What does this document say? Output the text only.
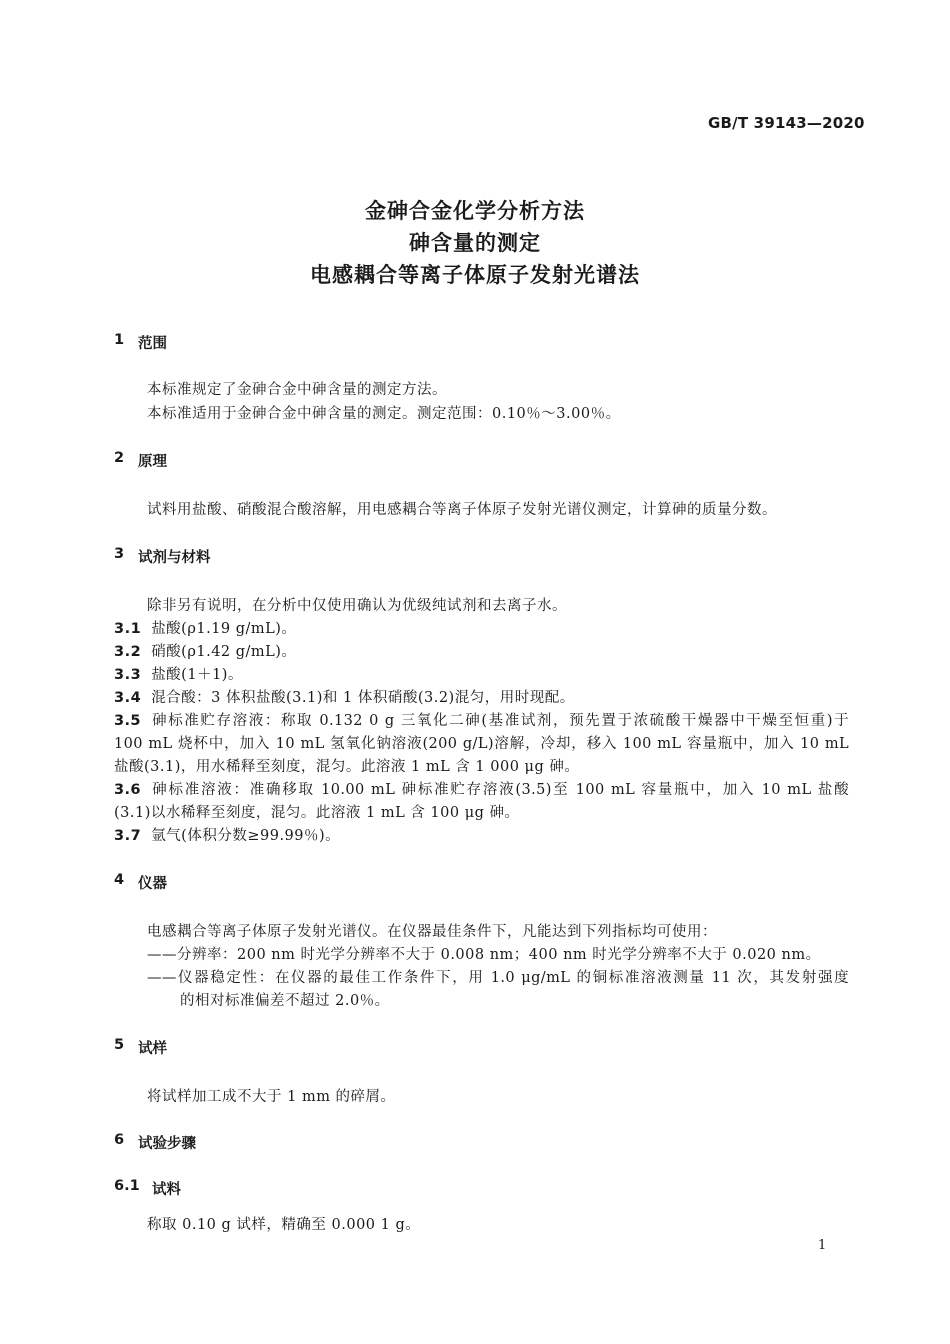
GB/T 39143—2020
金砷合金化学分析方法
砷含量的测定
电感耦合等离子体原子发射光谱法
1 范围
本标准规定了金砷合金中砷含量的测定方法。
本标准适用于金砷合金中砷含量的测定。测定范围：0.10％～3.00％。
2 原理
试料用盐酸、硝酸混合酸溶解，用电感耦合等离子体原子发射光谱仪测定，计算砷的质量分数。
3 试剂与材料
除非另有说明，在分析中仅使用确认为优级纯试剂和去离子水。
3.1 盐酸(ρ1.19 g/mL)。
3.2 硝酸(ρ1.42 g/mL)。
3.3 盐酸(1＋1)。
3.4 混合酸：3 体积盐酸(3.1)和 1 体积硝酸(3.2)混匀，用时现配。
3.5 砷标准贮存溶液：称取 0.132 0 g 三氧化二砷(基准试剂，预先置于浓硫酸干燥器中干燥至恒重)于
100 mL 烧杯中，加入 10 mL 氢氧化钠溶液(200 g/L)溶解，冷却，移入 100 mL 容量瓶中，加入 10 mL
盐酸(3.1)，用水稀释至刻度，混匀。此溶液 1 mL 含 1 000 μg 砷。
3.6 砷标准溶液：准确移取 10.00 mL 砷标准贮存溶液(3.5)至 100 mL 容量瓶中，加入 10 mL 盐酸
(3.1)以水稀释至刻度，混匀。此溶液 1 mL 含 100 μg 砷。
3.7 氩气(体积分数≥99.99％)。
4 仪器
电感耦合等离子体原子发射光谱仪。在仪器最佳条件下，凡能达到下列指标均可使用：
——分辨率：200 nm 时光学分辨率不大于 0.008 nm；400 nm 时光学分辨率不大于 0.020 nm。
——仪器稳定性：在仪器的最佳工作条件下，用 1.0 μg/mL 的铜标准溶液测量 11 次，其发射强度
的相对标准偏差不超过 2.0％。
5 试样
将试样加工成不大于 1 mm 的碎屑。
6 试验步骤
6.1 试料
称取 0.10 g 试样，精确至 0.000 1 g。
1
